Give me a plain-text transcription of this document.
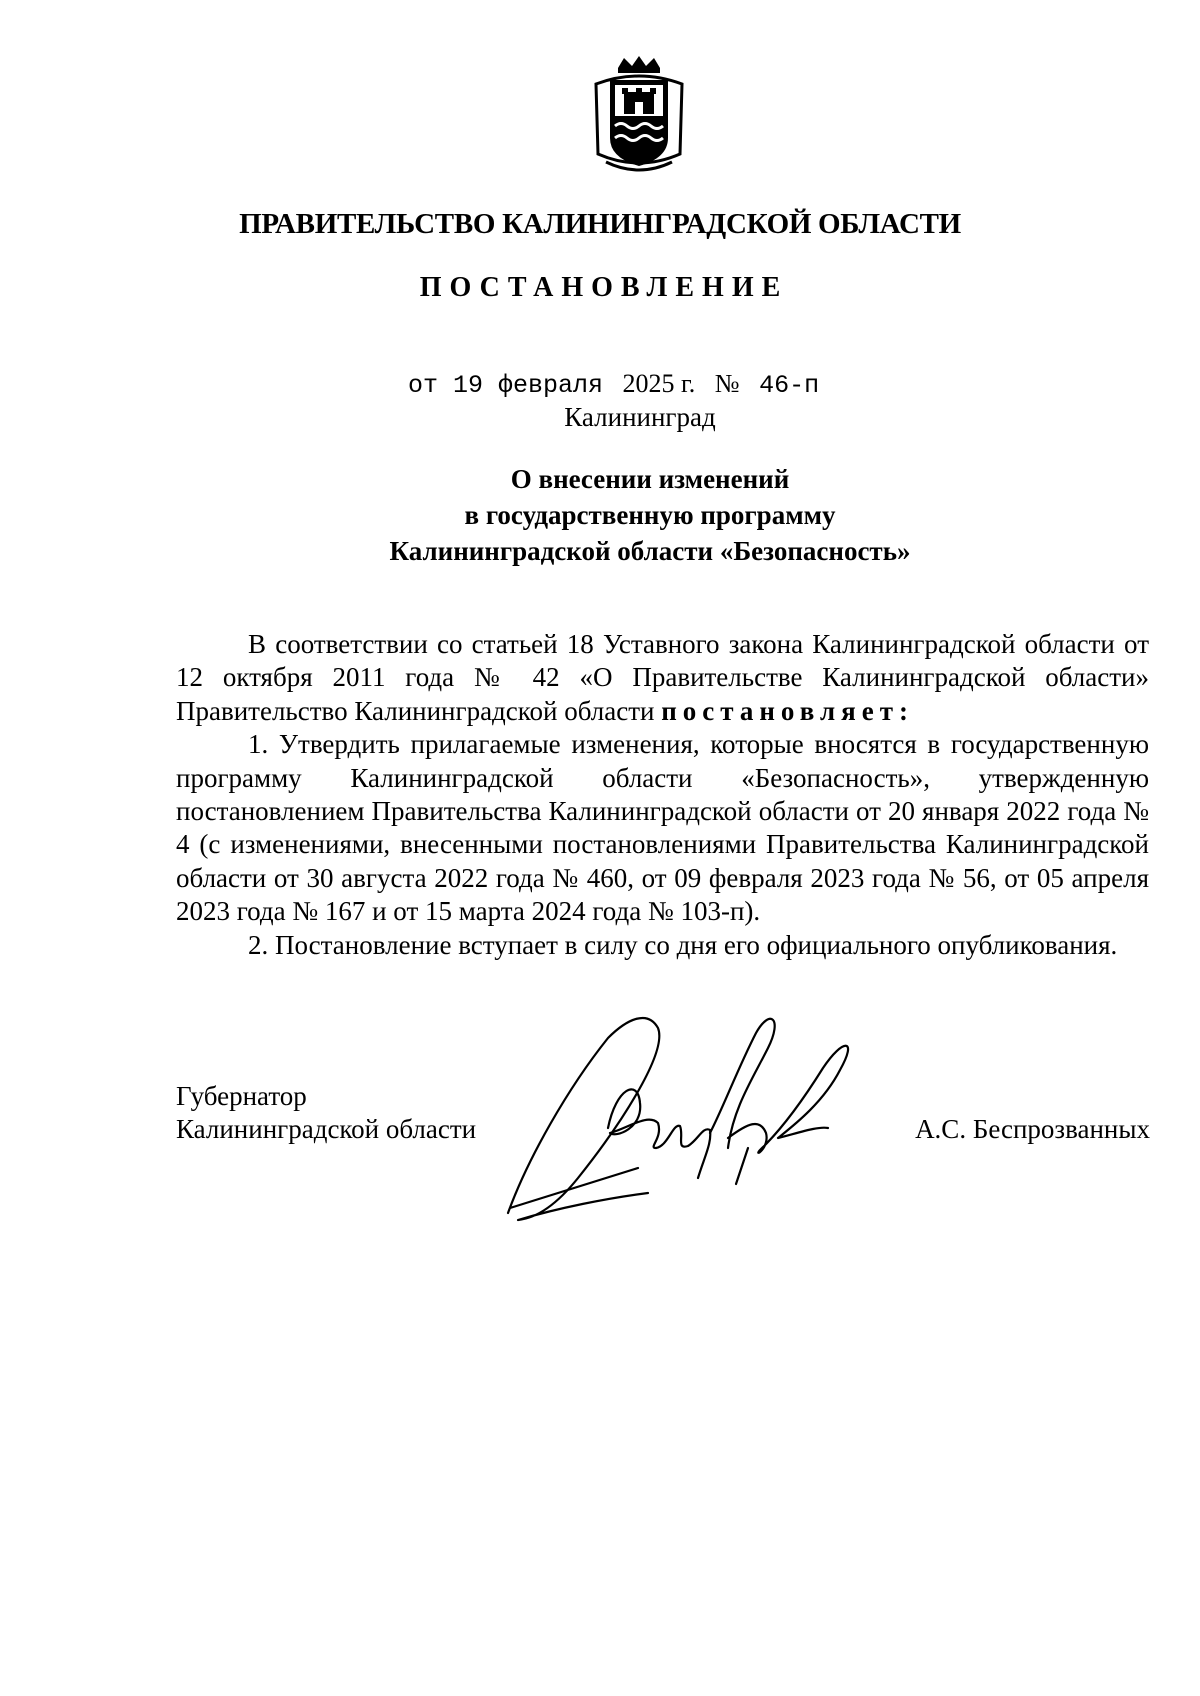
ПРАВИТЕЛЬСТВО КАЛИНИНГРАДСКОЙ ОБЛАСТИ
ПОСТАНОВЛЕНИЕ
от 19 февраля 2025 г. № 46-п
Калининград
О внесении изменений
в государственную программу
Калининградской области «Безопасность»

В соответствии со статьей 18 Уставного закона Калининградской области от 12 октября 2011 года № 42 «О Правительстве Калининградской области» Правительство Калининградской области постановляет:

1. Утвердить прилагаемые изменения, которые вносятся в государственную программу Калининградской области «Безопасность», утвержденную постановлением Правительства Калининградской области от 20 января 2022 года № 4 (с изменениями, внесенными постановлениями Правительства Калининградской области от 30 августа 2022 года № 460, от 09 февраля 2023 года № 56, от 05 апреля 2023 года № 167 и от 15 марта 2024 года № 103-п).

2. Постановление вступает в силу со дня его официального опубликования.

Губернатор
Калининградской области	А.С. Беспрозванных
